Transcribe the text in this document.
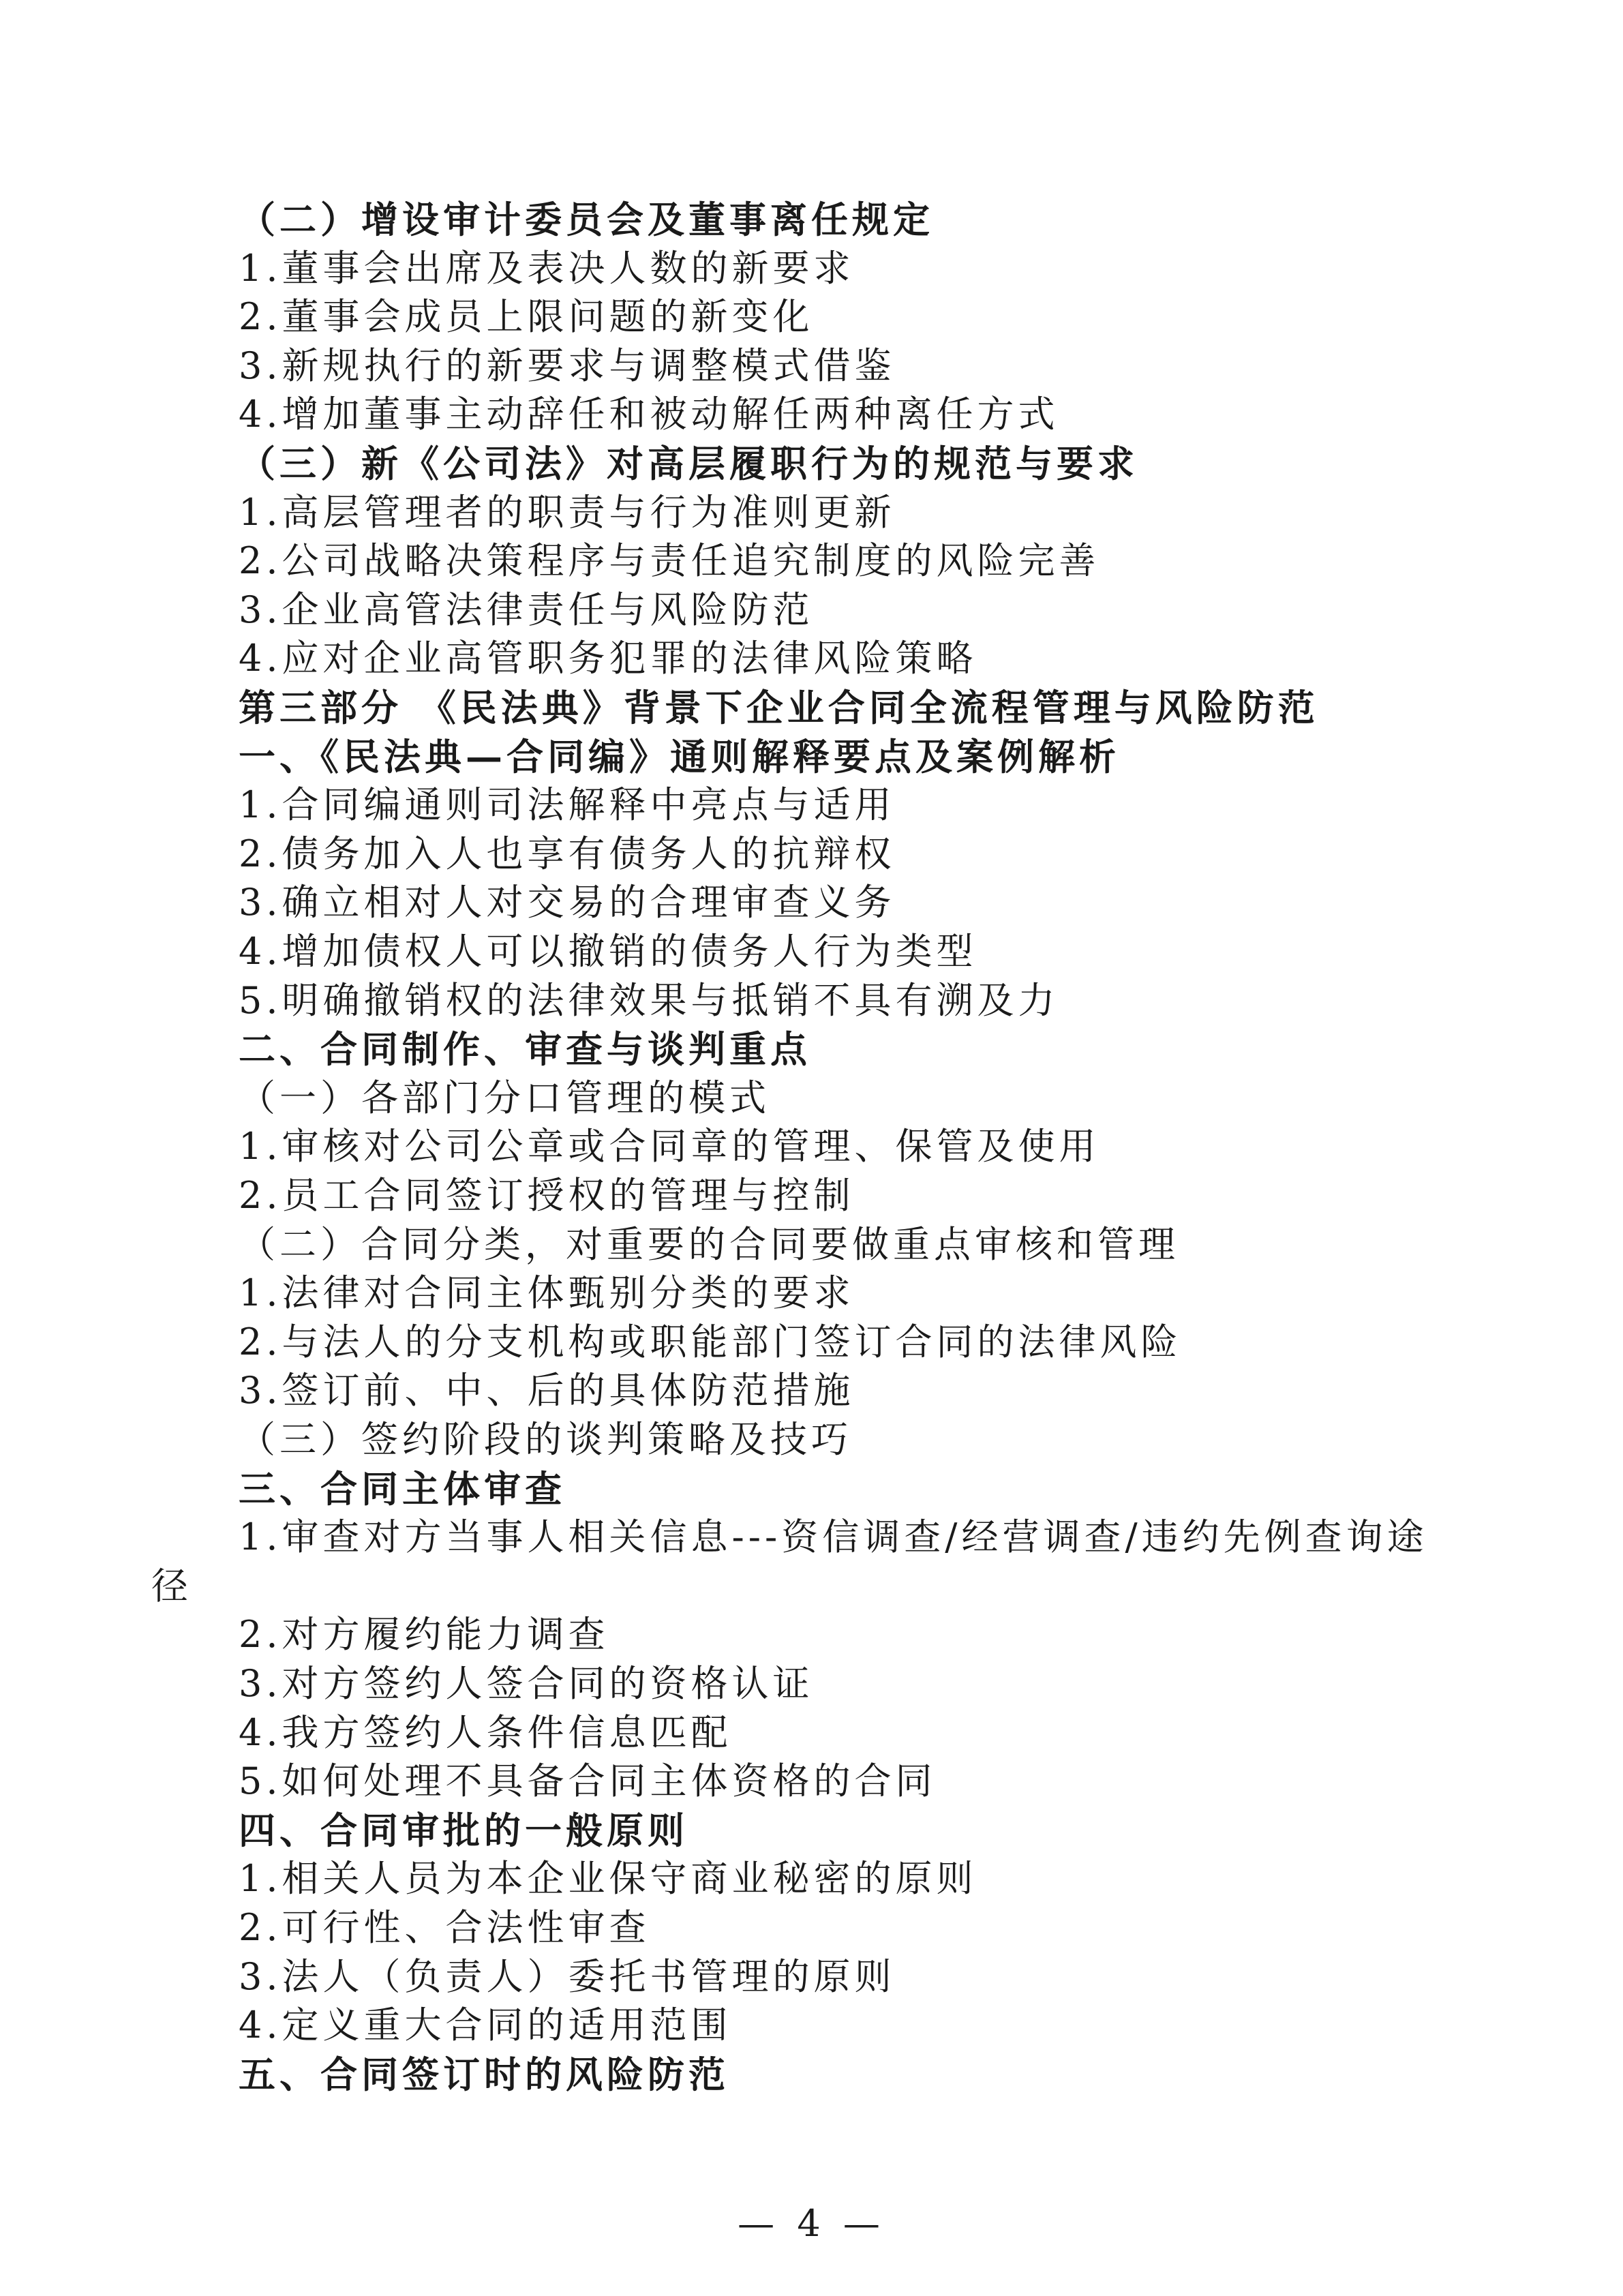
（二）增设审计委员会及董事离任规定
1.董事会出席及表决人数的新要求
2.董事会成员上限问题的新变化
3.新规执行的新要求与调整模式借鉴
4.增加董事主动辞任和被动解任两种离任方式
（三）新《公司法》对高层履职行为的规范与要求
1.高层管理者的职责与行为准则更新
2.公司战略决策程序与责任追究制度的风险完善
3.企业高管法律责任与风险防范
4.应对企业高管职务犯罪的法律风险策略
第三部分 《民法典》背景下企业合同全流程管理与风险防范
一、《民法典—合同编》通则解释要点及案例解析
1.合同编通则司法解释中亮点与适用
2.债务加入人也享有债务人的抗辩权
3.确立相对人对交易的合理审查义务
4.增加债权人可以撤销的债务人行为类型
5.明确撤销权的法律效果与抵销不具有溯及力
二、合同制作、审查与谈判重点
（一）各部门分口管理的模式
1.审核对公司公章或合同章的管理、保管及使用
2.员工合同签订授权的管理与控制
（二）合同分类，对重要的合同要做重点审核和管理
1.法律对合同主体甄别分类的要求
2.与法人的分支机构或职能部门签订合同的法律风险
3.签订前、中、后的具体防范措施
（三）签约阶段的谈判策略及技巧
三、合同主体审查
1.审查对方当事人相关信息---资信调查/经营调查/违约先例查询途
径
2.对方履约能力调查
3.对方签约人签合同的资格认证
4.我方签约人条件信息匹配
5.如何处理不具备合同主体资格的合同
四、合同审批的一般原则
1.相关人员为本企业保守商业秘密的原则
2.可行性、合法性审查
3.法人（负责人）委托书管理的原则
4.定义重大合同的适用范围
五、合同签订时的风险防范
— 4 —
